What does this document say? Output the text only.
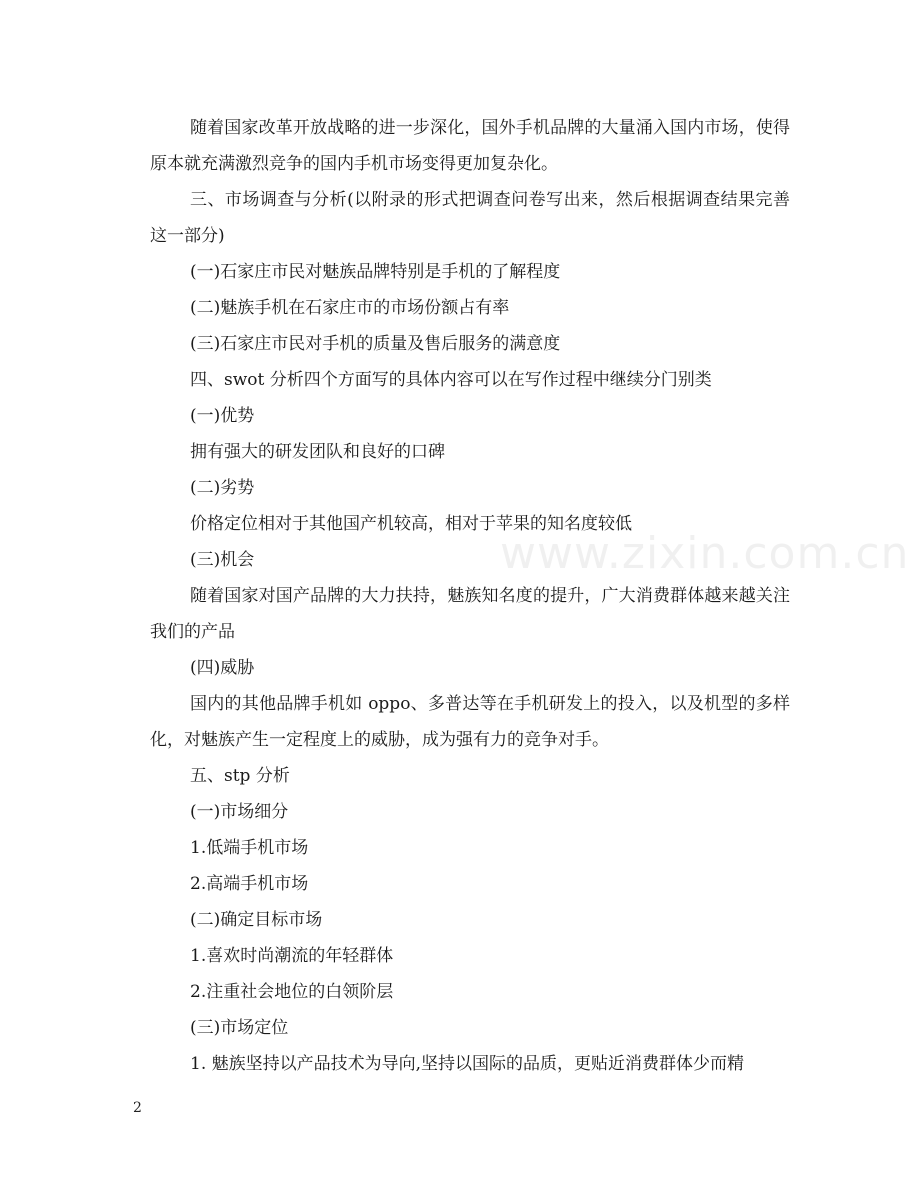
随着国家改革开放战略的进一步深化，国外手机品牌的大量涌入国内市场，使得原本就充满激烈竞争的国内手机市场变得更加复杂化。

三、市场调查与分析(以附录的形式把调查问卷写出来，然后根据调查结果完善这一部分)

(一)石家庄市民对魅族品牌特别是手机的了解程度

(二)魅族手机在石家庄市的市场份额占有率

(三)石家庄市民对手机的质量及售后服务的满意度

四、swot 分析四个方面写的具体内容可以在写作过程中继续分门别类

(一)优势

拥有强大的研发团队和良好的口碑

(二)劣势

价格定位相对于其他国产机较高，相对于苹果的知名度较低

(三)机会

随着国家对国产品牌的大力扶持，魅族知名度的提升，广大消费群体越来越关注我们的产品

(四)威胁

国内的其他品牌手机如 oppo、多普达等在手机研发上的投入，以及机型的多样化，对魅族产生一定程度上的威胁，成为强有力的竞争对手。

五、stp 分析

(一)市场细分

1.低端手机市场

2.高端手机市场

(二)确定目标市场

1.喜欢时尚潮流的年轻群体

2.注重社会地位的白领阶层

(三)市场定位

1. 魅族坚持以产品技术为导向,坚持以国际的品质，更贴近消费群体少而精

www.zixin.com.cn
2
